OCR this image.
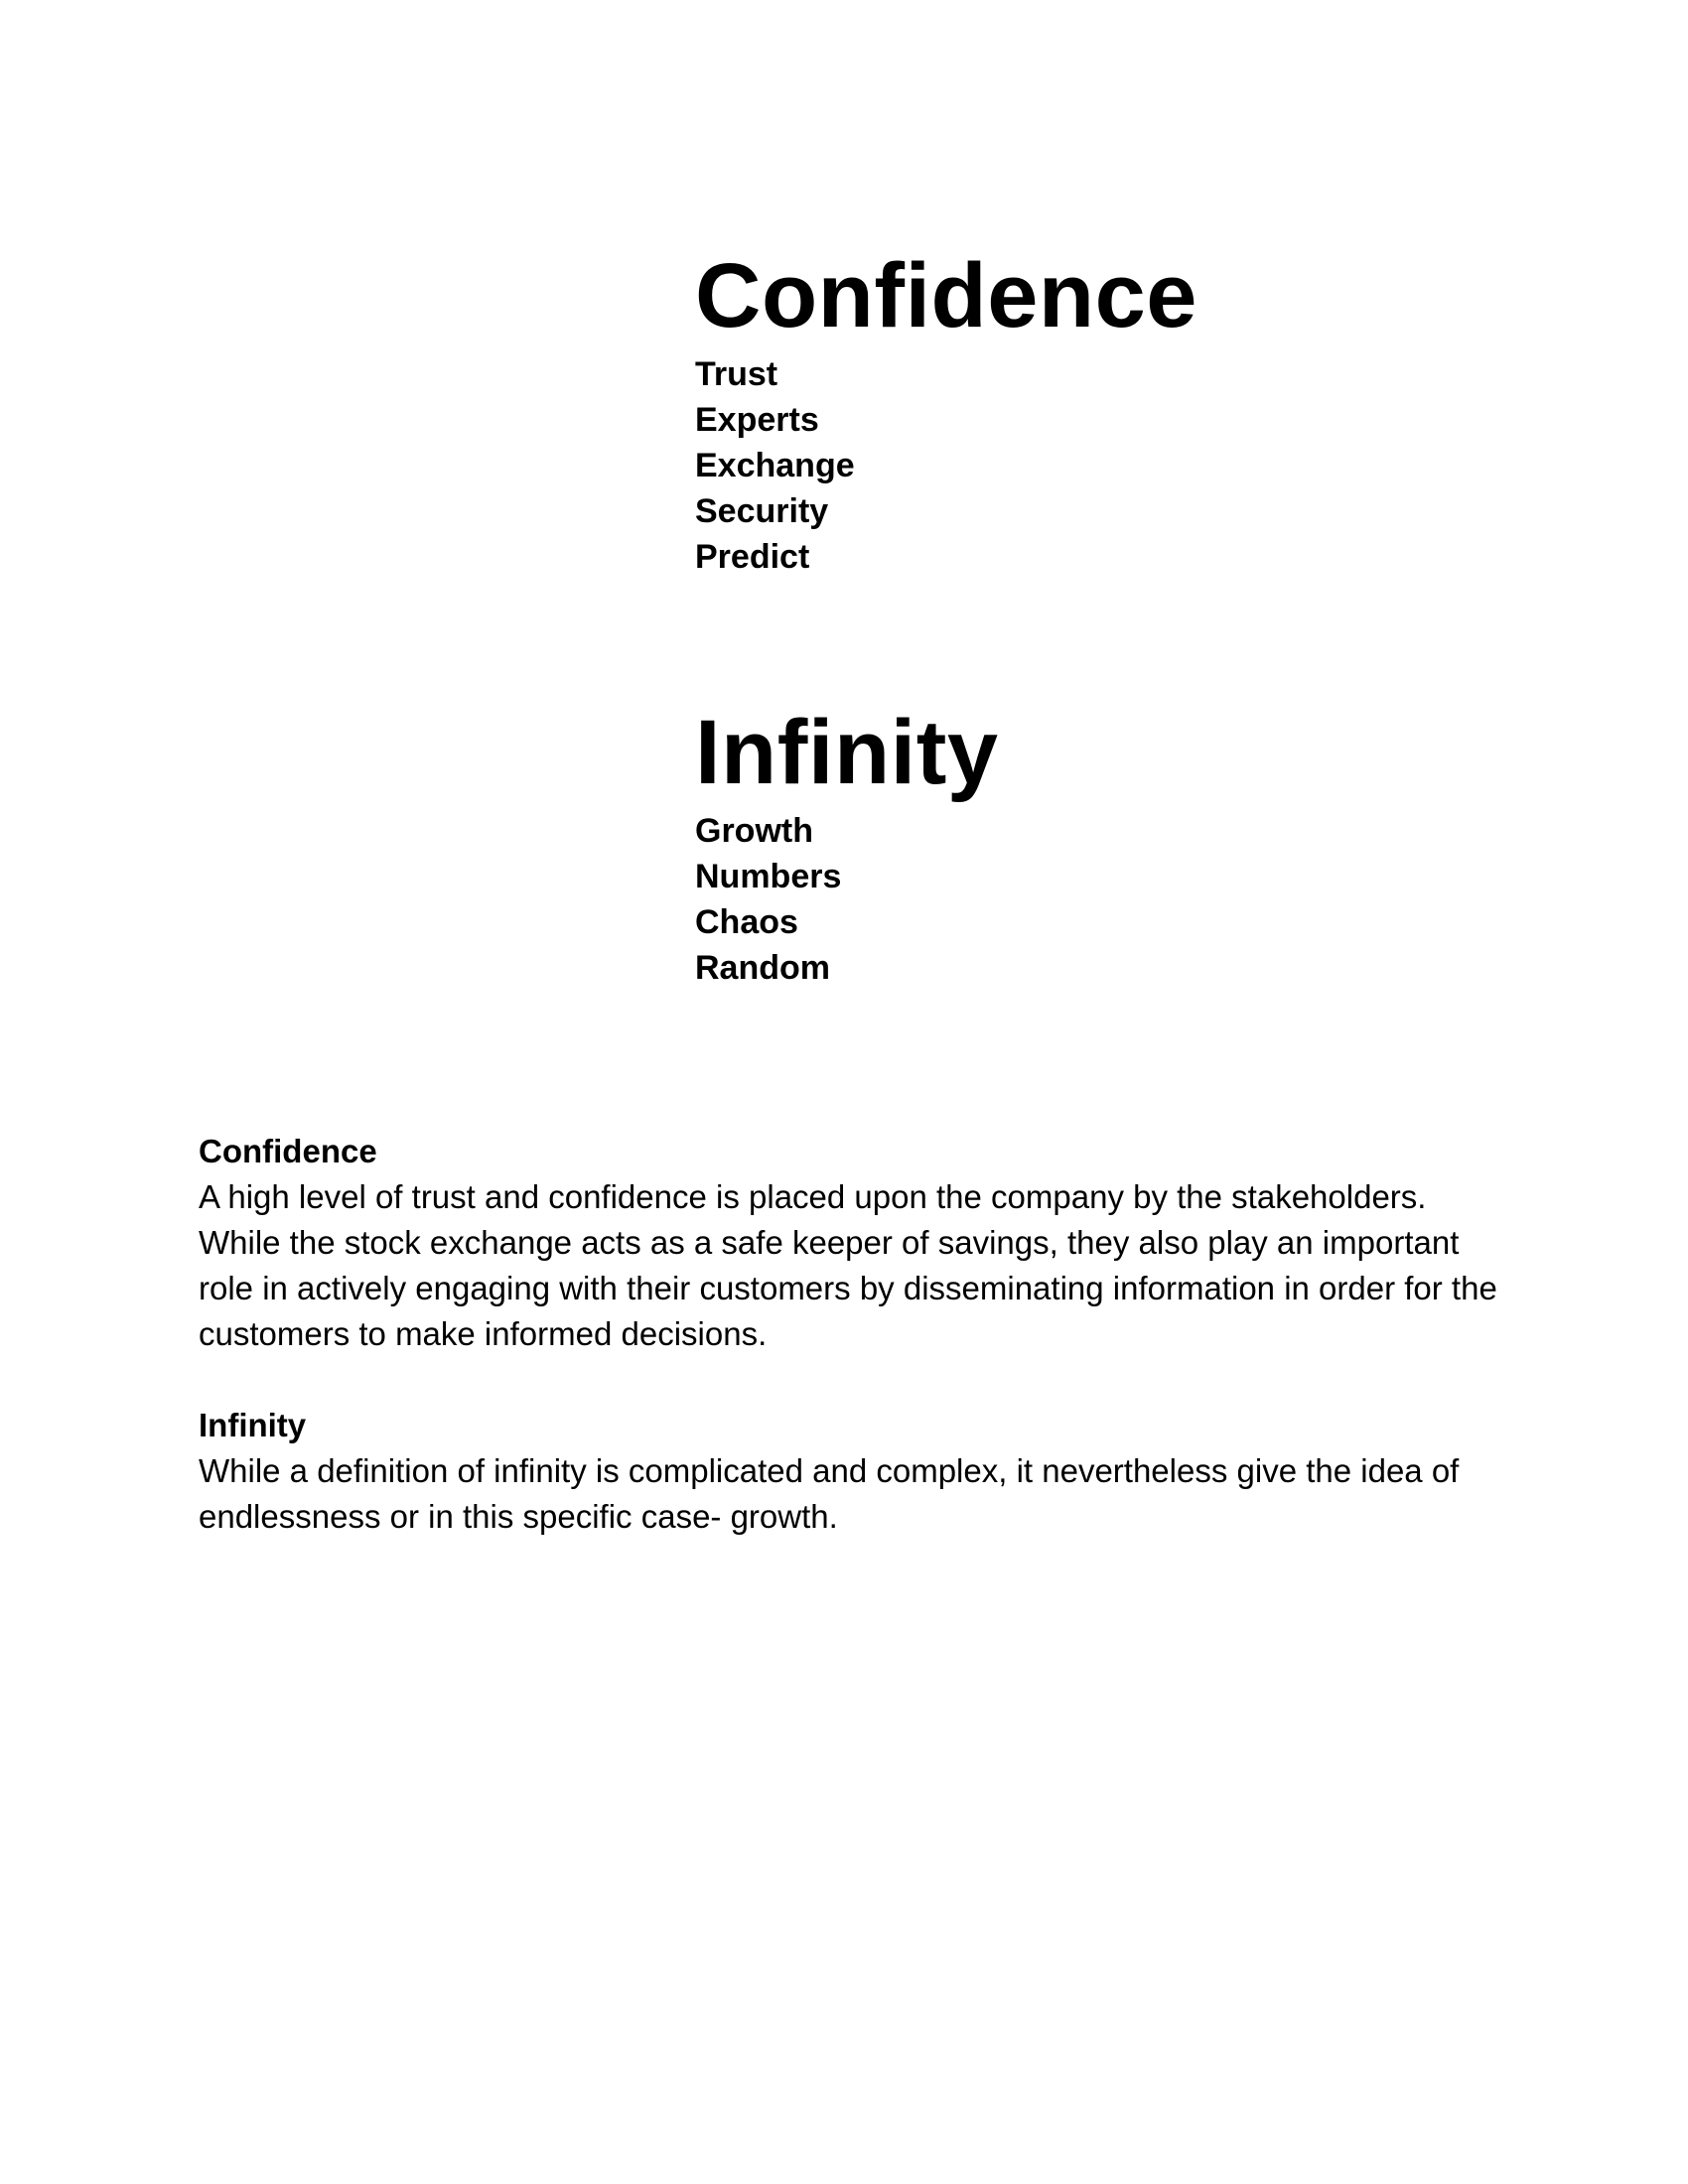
Confidence
Trust
Experts
Exchange
Security
Predict
Infinity
Growth
Numbers
Chaos
Random

Confidence

A high level of trust and confidence is placed upon the company by the stakeholders. While the stock exchange acts as a safe keeper of savings, they also play an important role in actively engaging with their customers by disseminating information in order for the customers to make informed decisions.

Infinity

While a definition of infinity is complicated and complex, it nevertheless give the idea of endlessness or in this specific case- growth.
